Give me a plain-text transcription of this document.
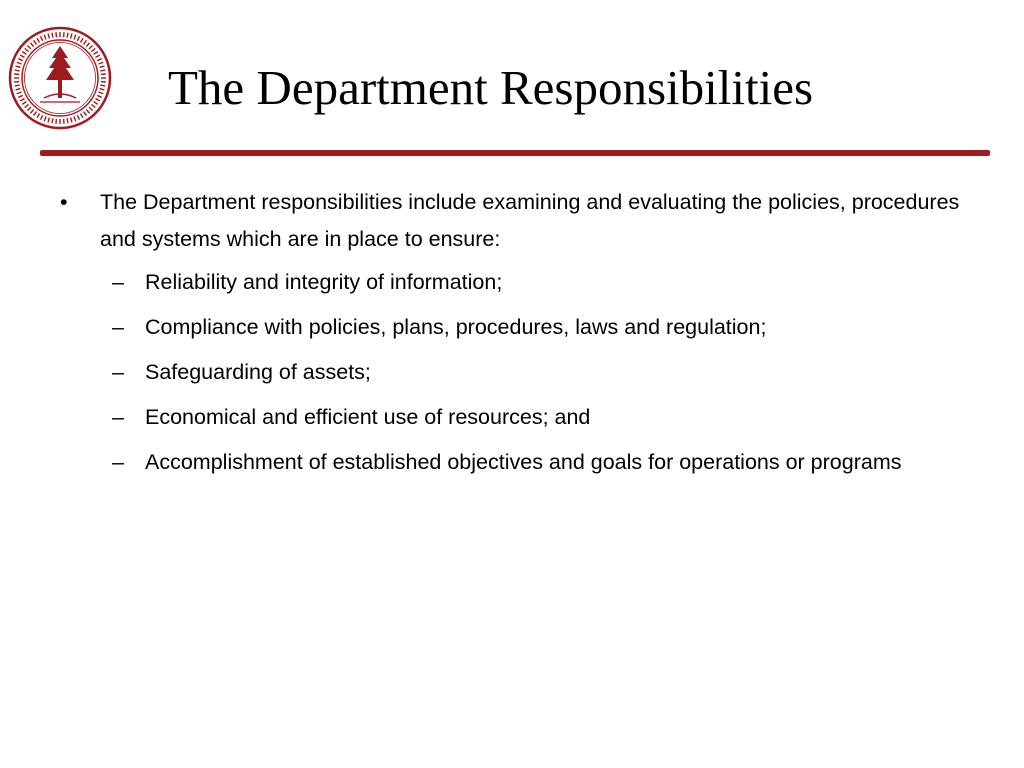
The Department Responsibilities
• The Department responsibilities include examining and evaluating the policies, procedures and systems which are in place to ensure:
– Reliability and integrity of information;
– Compliance with policies, plans, procedures, laws and regulation;
– Safeguarding of assets;
– Economical and efficient use of resources; and
– Accomplishment of established objectives and goals for operations or programs
